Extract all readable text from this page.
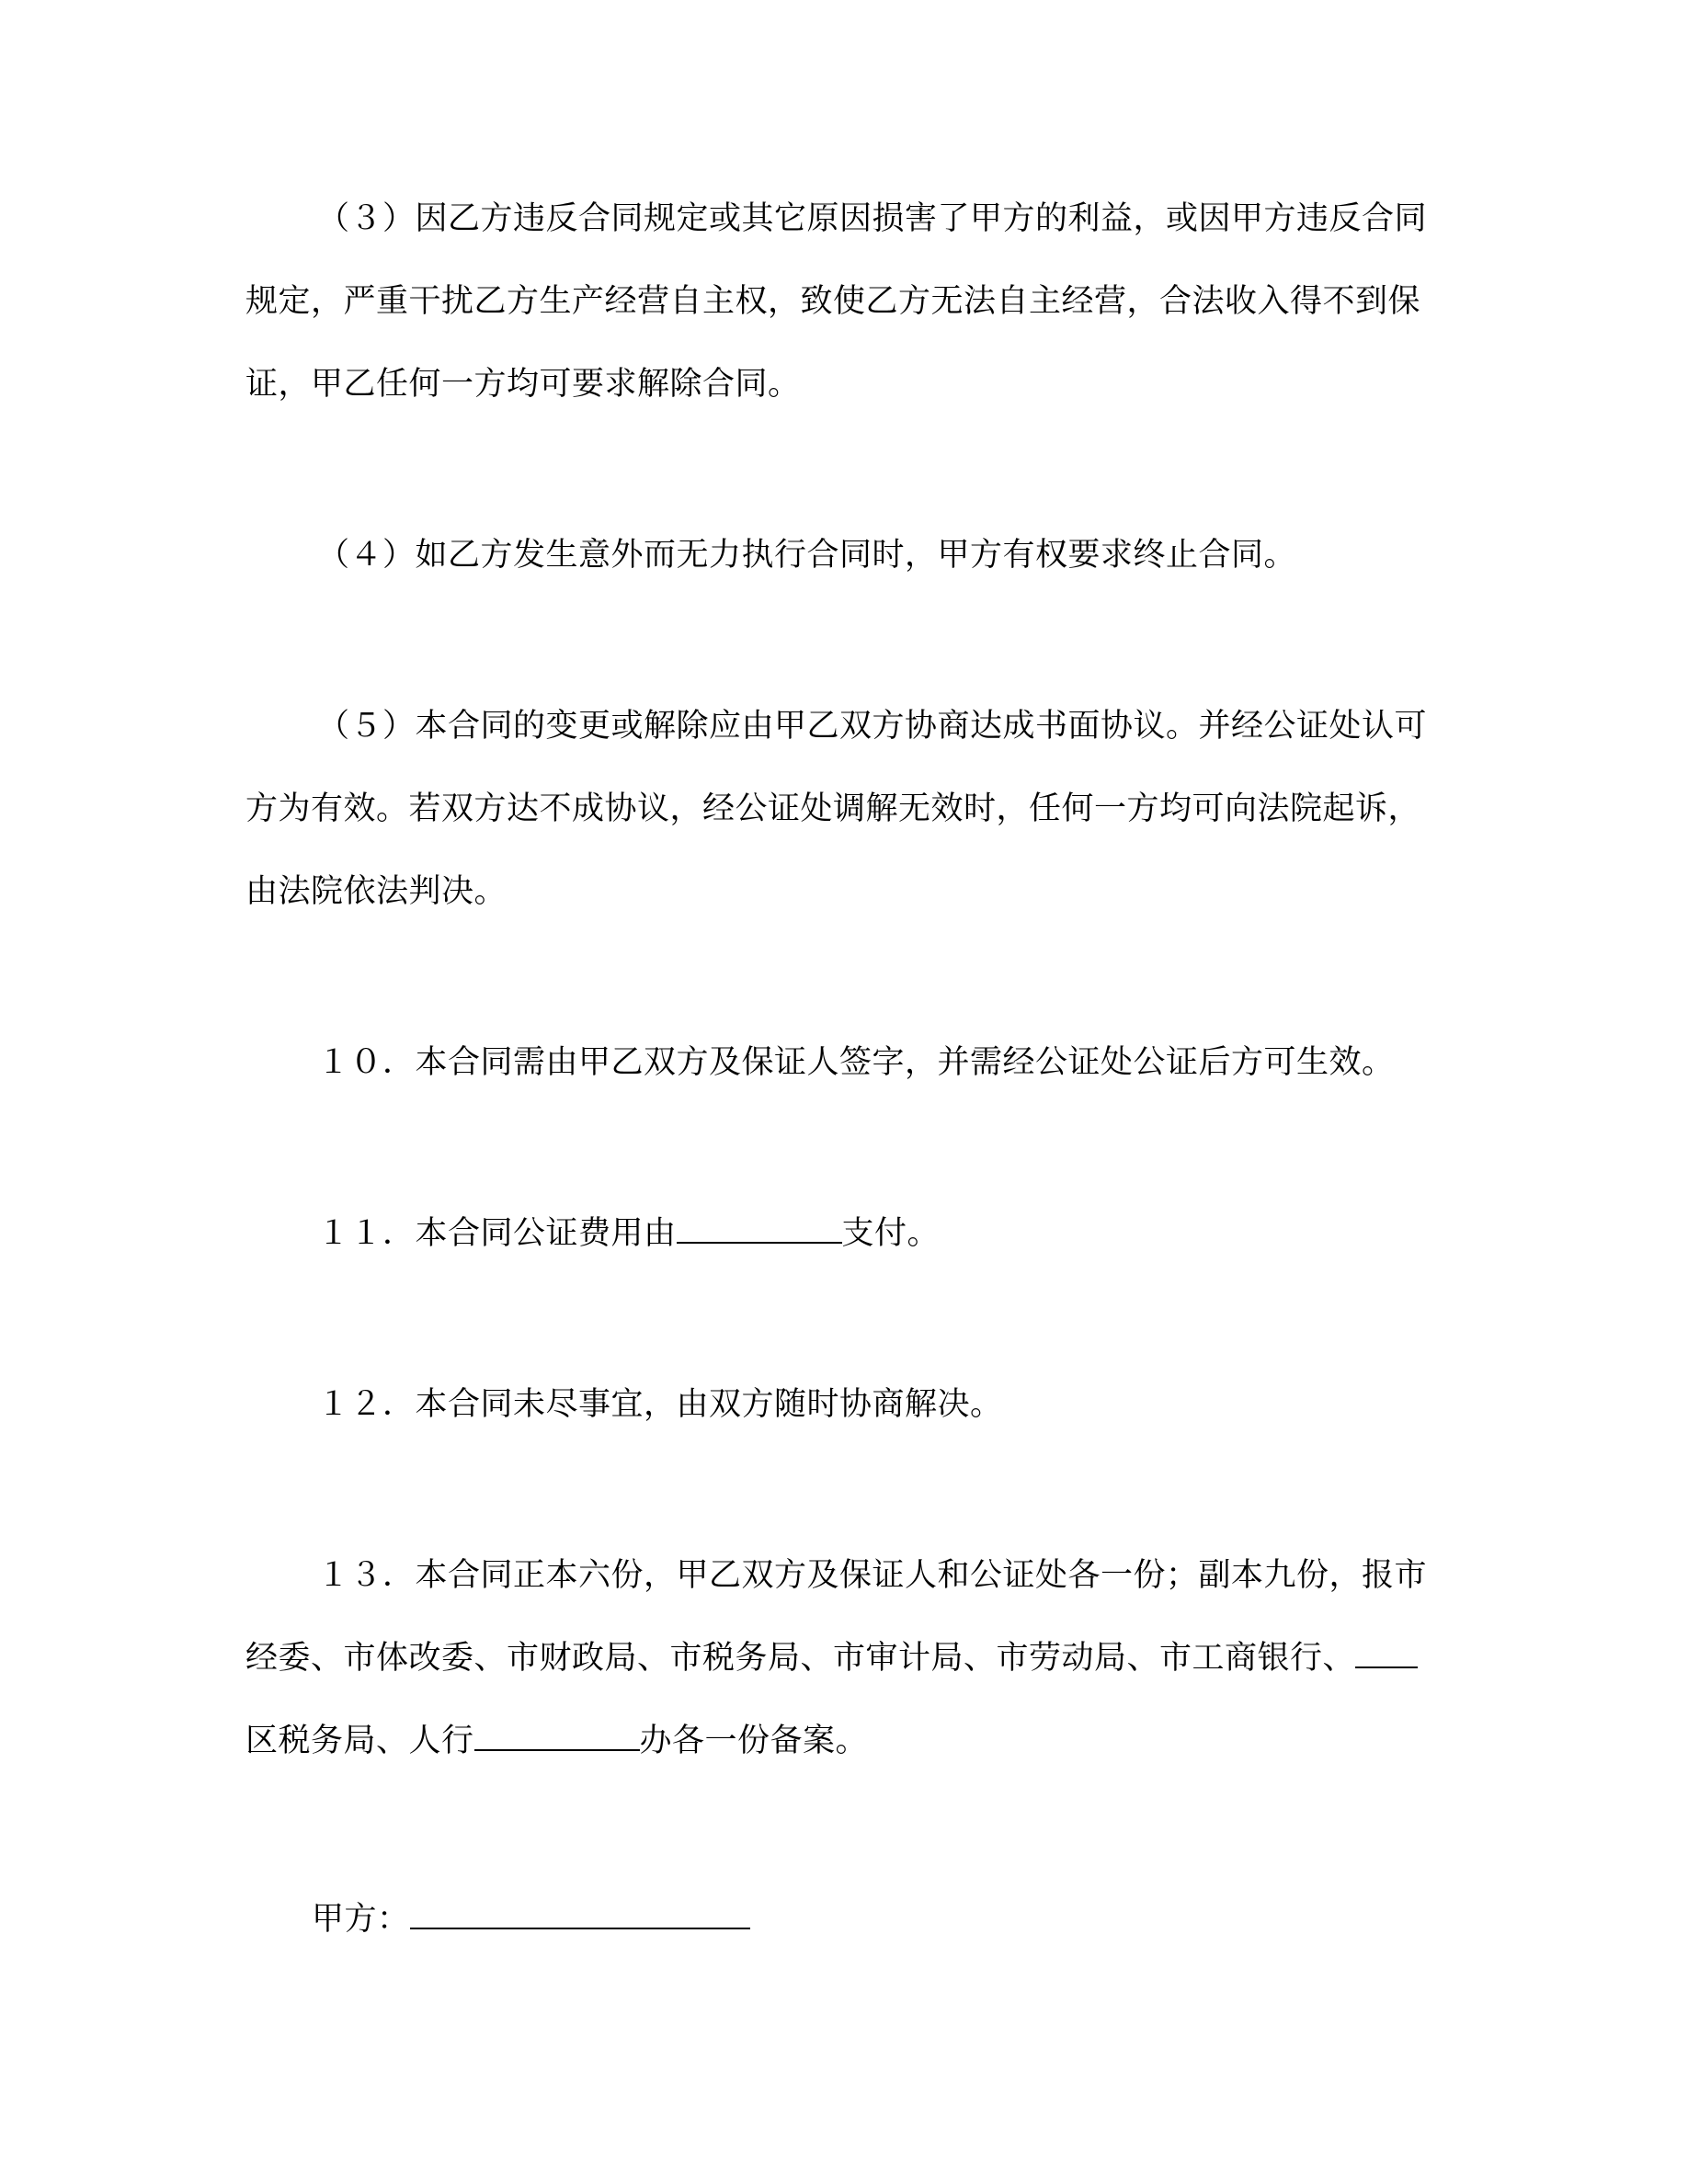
（３）因乙方违反合同规定或其它原因损害了甲方的利益，或因甲方违反合同
规定，严重干扰乙方生产经营自主权，致使乙方无法自主经营，合法收入得不到保
证，甲乙任何一方均可要求解除合同。
（４）如乙方发生意外而无力执行合同时，甲方有权要求终止合同。
（５）本合同的变更或解除应由甲乙双方协商达成书面协议。并经公证处认可
方为有效。若双方达不成协议，经公证处调解无效时，任何一方均可向法院起诉，
由法院依法判决。
１０．本合同需由甲乙双方及保证人签字，并需经公证处公证后方可生效。
１１．本合同公证费用由	支付。
１２．本合同未尽事宜，由双方随时协商解决。
１３．本合同正本六份，甲乙双方及保证人和公证处各一份；副本九份，报市
经委、市体改委、市财政局、市税务局、市审计局、市劳动局、市工商银行、
区税务局、人行	办各一份备案。
甲方：
